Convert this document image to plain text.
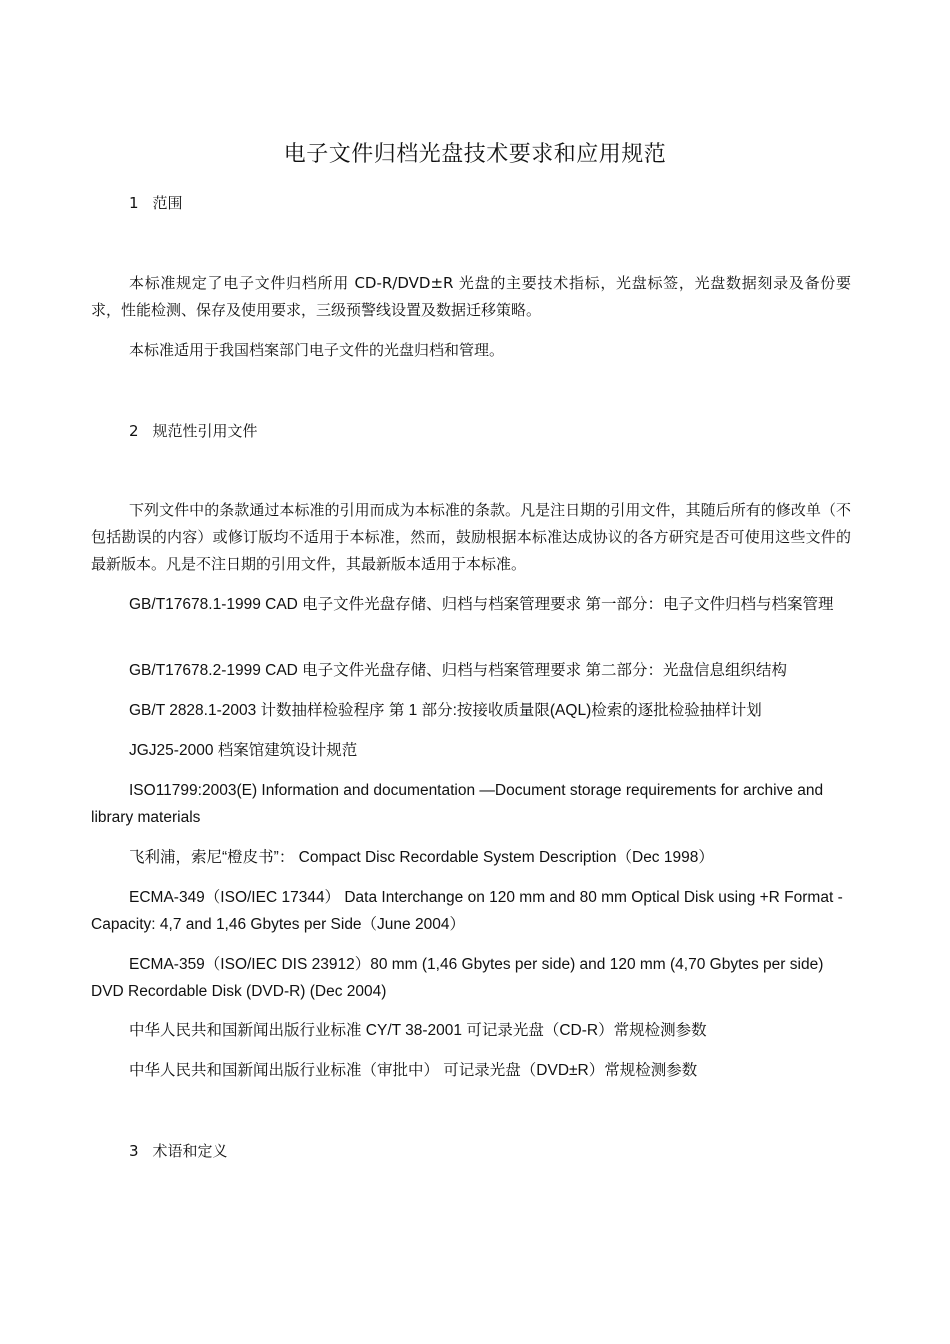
电子文件归档光盘技术要求和应用规范
1 范围

本标准规定了电子文件归档所用 CD-R/DVD±R 光盘的主要技术指标，光盘标签，光盘数据刻录及备份要求，性能检测、保存及使用要求，三级预警线设置及数据迁移策略。

本标准适用于我国档案部门电子文件的光盘归档和管理。

2 规范性引用文件

下列文件中的条款通过本标准的引用而成为本标准的条款。凡是注日期的引用文件，其随后所有的修改单（不包括勘误的内容）或修订版均不适用于本标准，然而，鼓励根据本标准达成协议的各方研究是否可使用这些文件的最新版本。凡是不注日期的引用文件，其最新版本适用于本标准。

GB/T17678.1-1999 CAD 电子文件光盘存储、归档与档案管理要求 第一部分：电子文件归档与档案管理

GB/T17678.2-1999 CAD 电子文件光盘存储、归档与档案管理要求 第二部分：光盘信息组织结构

GB/T 2828.1-2003 计数抽样检验程序 第 1 部分:按接收质量限(AQL)检索的逐批检验抽样计划

JGJ25-2000 档案馆建筑设计规范

ISO11799:2003(E) Information and documentation —Document storage requirements for archive and library materials

飞利浦，索尼“橙皮书”： Compact Disc Recordable System Description（Dec 1998）

ECMA-349（ISO/IEC 17344） Data Interchange on 120 mm and 80 mm Optical Disk using +R Format - Capacity: 4,7 and 1,46 Gbytes per Side（June 2004）

ECMA-359（ISO/IEC DIS 23912）80 mm (1,46 Gbytes per side) and 120 mm (4,70 Gbytes per side) DVD Recordable Disk (DVD-R) (Dec 2004)

中华人民共和国新闻出版行业标准 CY/T 38-2001 可记录光盘（CD-R）常规检测参数

中华人民共和国新闻出版行业标准（审批中） 可记录光盘（DVD±R）常规检测参数

3 术语和定义
